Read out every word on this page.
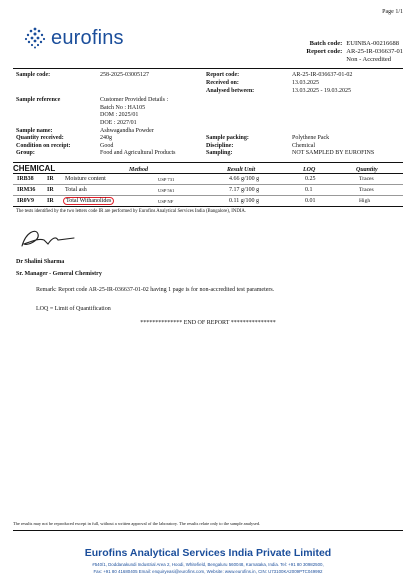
Page 1/1
eurofins	Batch code: EUINBA-00216688
Report code: AR-25-IR-036637-01
Non - Accredited
Sample code:	258-2025-03005127	Report code:	AR-25-IR-036637-01-02
Received on:	13.03.2025
Analysed between:	13.03.2025 - 19.03.2025
Sample reference	Customer Provided Details :
Batch No : HA105
DOM : 2025/01
DOE : 2027/01
Sample name:	Ashwagandha Powder
Quantity received:	240g	Sample packing:	Polythene Pack
Condition on receipt:	Good	Discipline:	Chemical
Group:	Food and Agricultural Products	Sampling:	NOT SAMPLED BY EUROFINS
CHEMICAL	Method	Result Unit	LOQ	Quantity
IRB38 IR Moisture content	USP 731	4.66 g/100 g	0.25	Traces
IRM36 IR Total ash	USP 561	7.17 g/100 g	0.1	Traces
IR0V9 IR	Total Withanolides	USP NF	0.11 g/100 g	0.01	High
The tests identified by the two letters code IR are performed by Eurofins Analytical Services India (Bangalore), INDIA.
Dr Shalini Sharma
Sr. Manager - General Chemistry
Remark: Report code AR-25-IR-036637-01-02 having 1 page is for non-accredited test parameters.
LOQ = Limit of Quantification
************** END OF REPORT ***************
The results may not be reproduced except in full, without a written approval of the laboratory. The results relate only to the sample analysed.
Eurofins Analytical Services India Private Limited
#540/1, Doddanakundi Industrial Area 2, Hoodi, Whitefield, Bengaluru 560048, Karnataka, India. Tel: +91 80 30982500,
Fax: +91 80 41680405 Email: enquiryeasi@eurofins.com, Website: www.eurofins.in, CIN: U73100KA2009PTC049992
